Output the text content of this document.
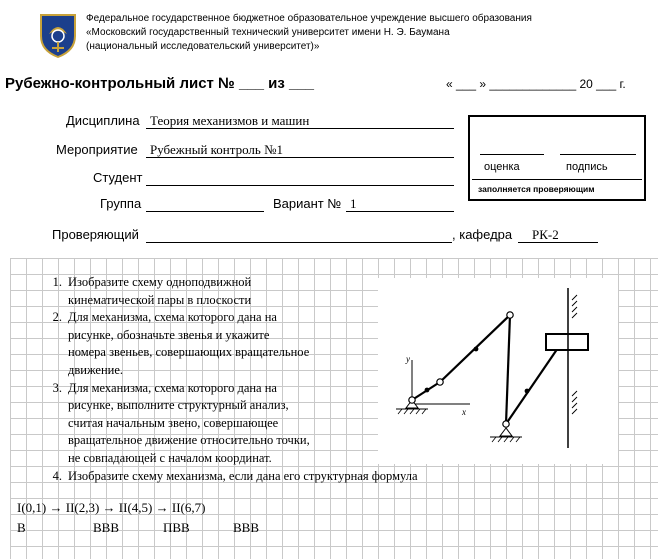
Федеральное государственное бюджетное образовательное учреждение высшего образования
«Московский государственный технический университет имени Н. Э. Баумана
(национальный исследовательский университет)»
Рубежно-контрольный лист № ___ из ___	« ___ » _____________ 20 ___ г.
Дисциплина Теория механизмов и машин
Мероприятие Рубежный контроль №1
Студент
Группа	Вариант № 1
Проверяющий	, кафедра	РК-2
оценка	подпись
заполняется проверяющим
1. Изобразите схему одноподвижной
кинематической пары в плоскости
2. Для механизма, схема которого дана на
рисунке, обозначьте звенья и укажите
номера звеньев, совершающих вращательное
движение.
3. Для механизма, схема которого дана на
рисунке, выполните структурный анализ,
считая начальным звено, совершающее
вращательное движение относительно точки,
не совпадающей с началом координат.
4. Изобразите схему механизма, если дана его структурная формула
y
x
I(0,1) → II(2,3) → II(4,5) → II(6,7)
В	ВВВ	ПВВ	ВВВ
